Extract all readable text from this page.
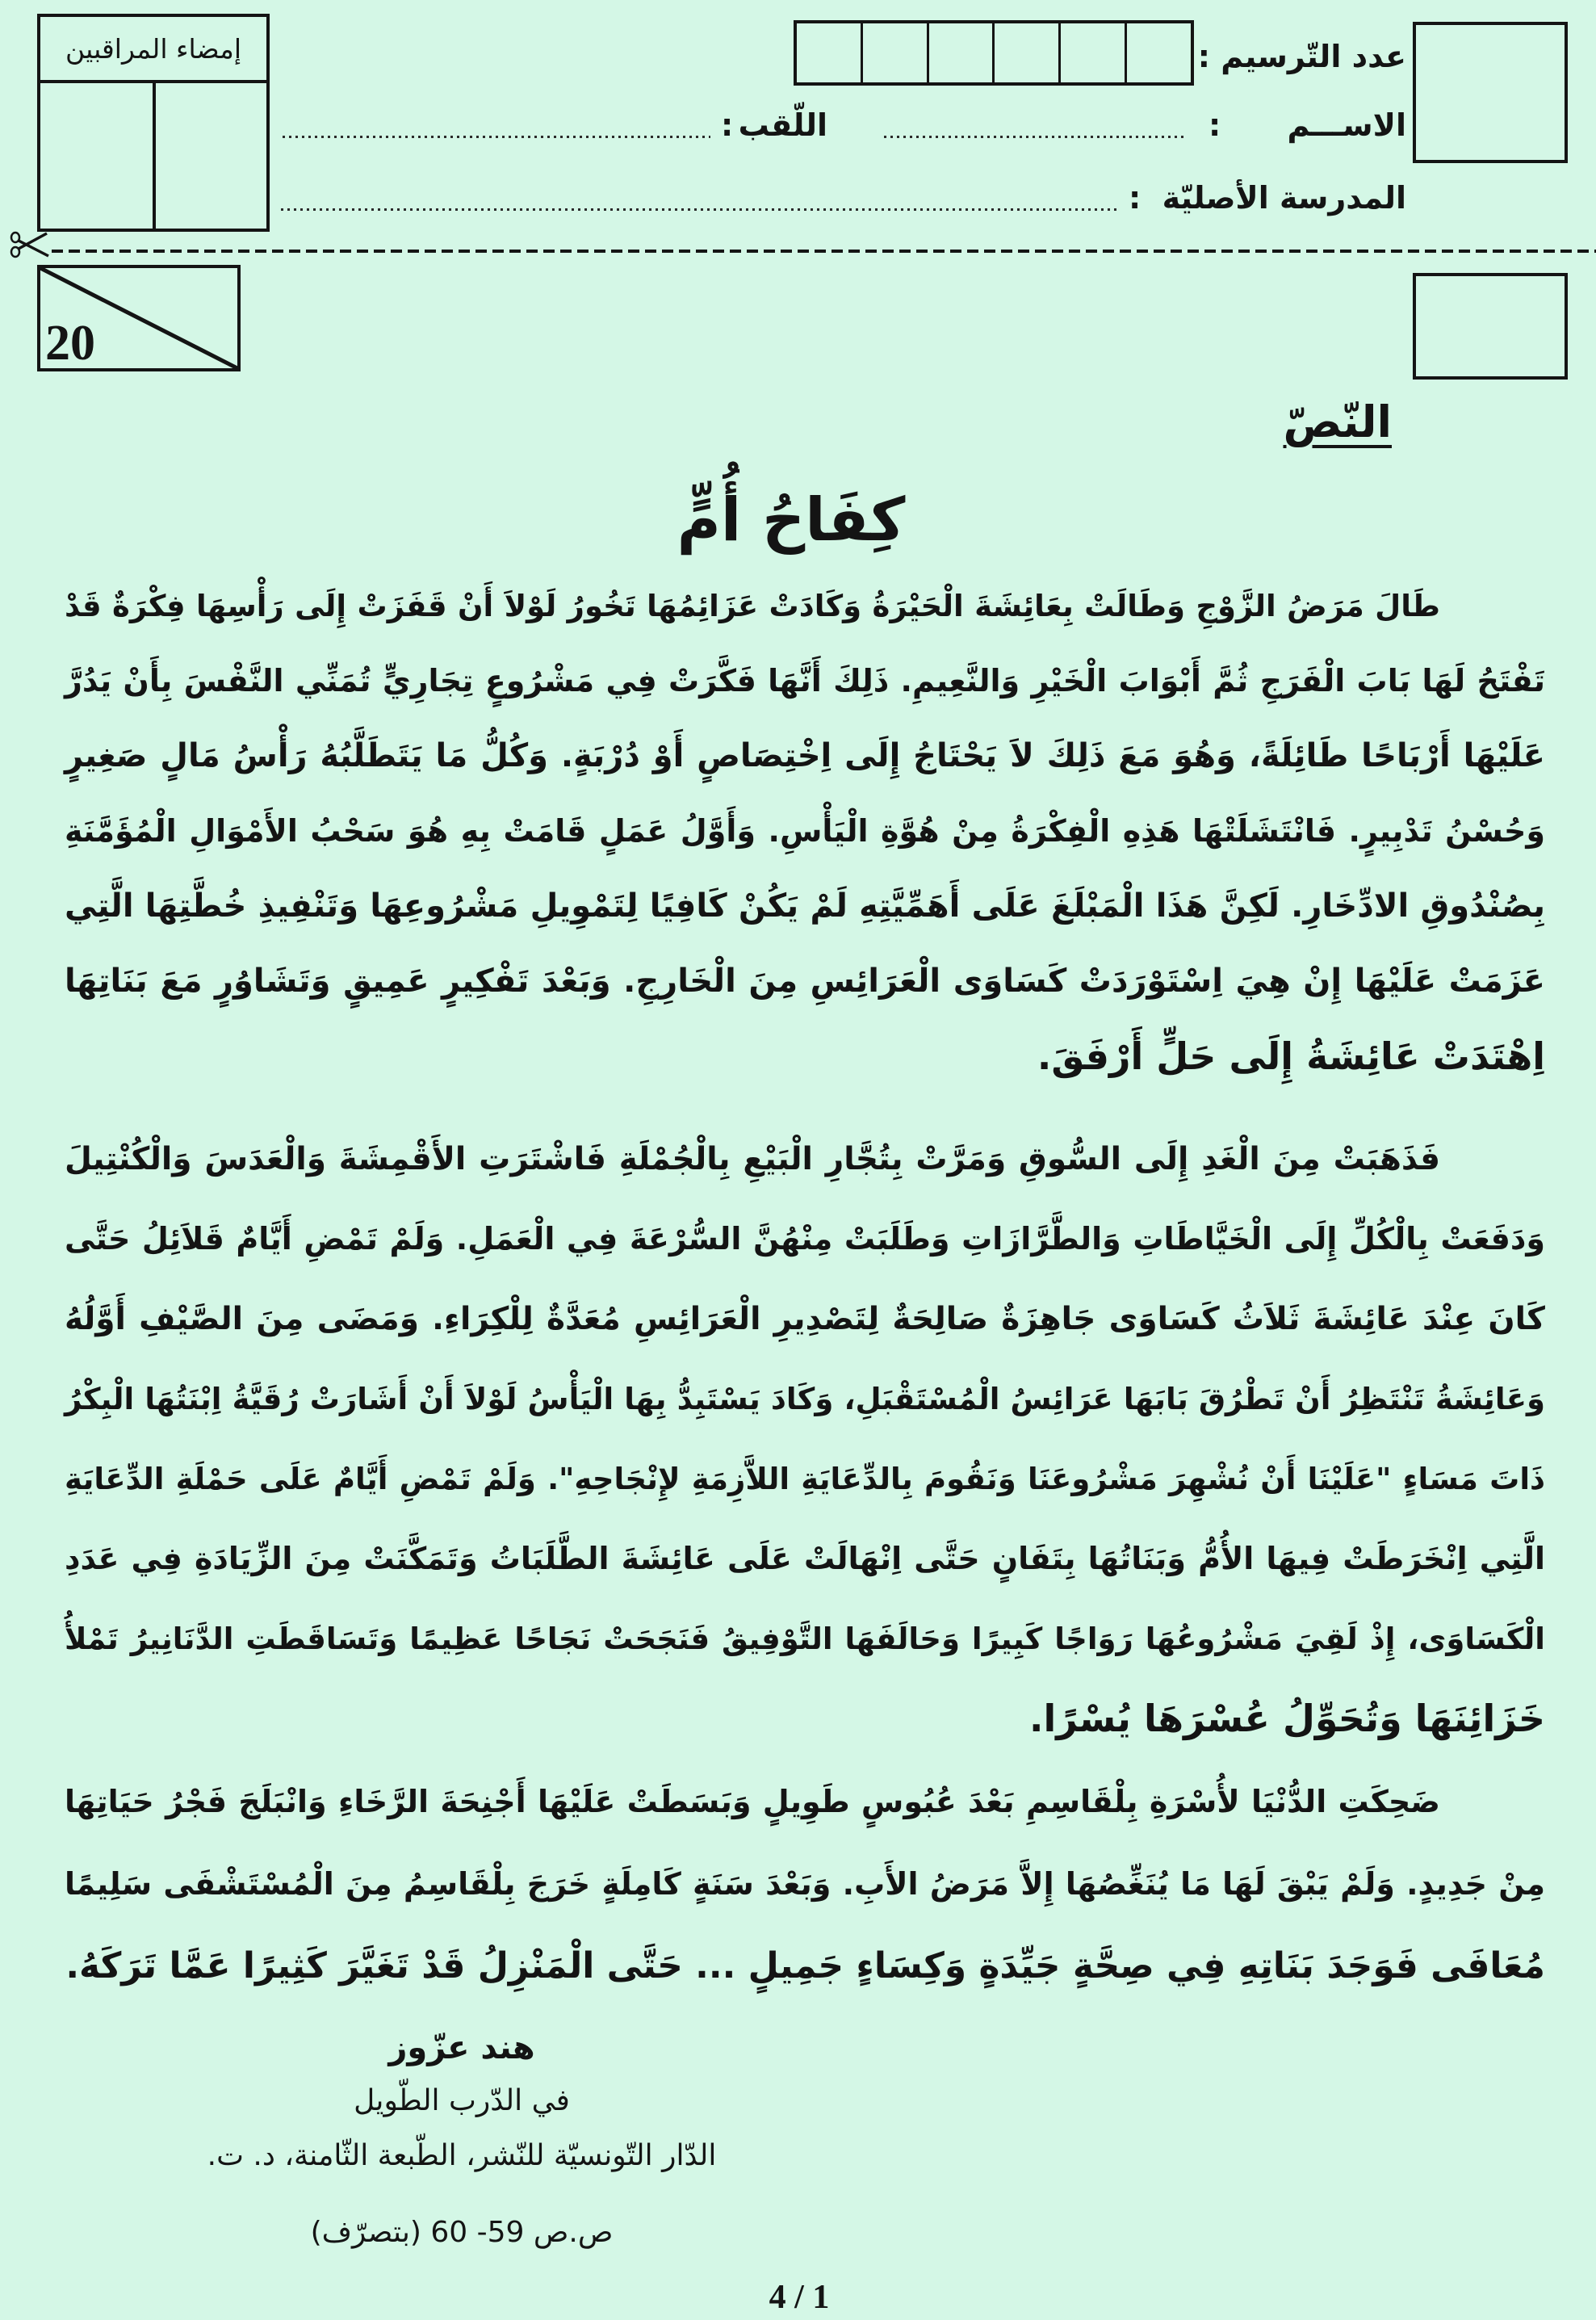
إمضاء المراقبين	عدد التّرسيم :
الاســـم
:
اللّقب
:
المدرسة الأصليّة
:
20
النّصّ
كِفَاحُ أُمٍّ
طَالَ مَرَضُ الزَّوْجِ وَطَالَتْ بِعَائِشَةَ الْحَيْرَةُ وَكَادَتْ عَزَائِمُهَا تَخُورُ لَوْلاَ أَنْ قَفَزَتْ إِلَى رَأْسِهَا فِكْرَةٌ قَدْ
تَفْتَحُ لَهَا بَابَ الْفَرَجِ ثُمَّ أَبْوَابَ الْخَيْرِ وَالنَّعِيمِ. ذَلِكَ أَنَّهَا فَكَّرَتْ فِي مَشْرُوعٍ تِجَارِيٍّ تُمَنِّي النَّفْسَ بِأَنْ يَدُرَّ
عَلَيْهَا أَرْبَاحًا طَائِلَةً، وَهُوَ مَعَ ذَلِكَ لاَ يَحْتَاجُ إِلَى اِخْتِصَاصٍ أَوْ دُرْبَةٍ. وَكُلُّ مَا يَتَطَلَّبُهُ رَأْسُ مَالٍ صَغِيرٍ
وَحُسْنُ تَدْبِيرٍ. فَانْتَشَلَتْهَا هَذِهِ الْفِكْرَةُ مِنْ هُوَّةِ الْيَأْسِ. وَأَوَّلُ عَمَلٍ قَامَتْ بِهِ هُوَ سَحْبُ الأَمْوَالِ الْمُؤَمَّنَةِ
بِصُنْدُوقِ الادِّخَارِ. لَكِنَّ هَذَا الْمَبْلَغَ عَلَى أَهَمِّيَّتِهِ لَمْ يَكُنْ كَافِيًا لِتَمْوِيلِ مَشْرُوعِهَا وَتَنْفِيذِ خُطَّتِهَا الَّتِي
عَزَمَتْ عَلَيْهَا إِنْ هِيَ اِسْتَوْرَدَتْ كَسَاوَى الْعَرَائِسِ مِنَ الْخَارِجِ. وَبَعْدَ تَفْكِيرٍ عَمِيقٍ وَتَشَاوُرٍ مَعَ بَنَاتِهَا
اِهْتَدَتْ عَائِشَةُ إِلَى حَلٍّ أَرْفَقَ.
فَذَهَبَتْ مِنَ الْغَدِ إِلَى السُّوقِ وَمَرَّتْ بِتُجَّارِ الْبَيْعِ بِالْجُمْلَةِ فَاشْتَرَتِ الأَقْمِشَةَ وَالْعَدَسَ وَالْكُنْتِيلَ
وَدَفَعَتْ بِالْكُلِّ إِلَى الْخَيَّاطَاتِ وَالطَّرَّازَاتِ وَطَلَبَتْ مِنْهُنَّ السُّرْعَةَ فِي الْعَمَلِ. وَلَمْ تَمْضِ أَيَّامٌ قَلاَئِلُ حَتَّى
كَانَ عِنْدَ عَائِشَةَ ثَلاَثُ كَسَاوَى جَاهِزَةٌ صَالِحَةٌ لِتَصْدِيرِ الْعَرَائِسِ مُعَدَّةٌ لِلْكِرَاءِ. وَمَضَى مِنَ الصَّيْفِ أَوَّلُهُ
وَعَائِشَةُ تَنْتَظِرُ أَنْ تَطْرُقَ بَابَهَا عَرَائِسُ الْمُسْتَقْبَلِ، وَكَادَ يَسْتَبِدُّ بِهَا الْيَأْسُ لَوْلاَ أَنْ أَشَارَتْ رُقَيَّةُ اِبْنَتُهَا الْبِكْرُ
ذَاتَ مَسَاءٍ "عَلَيْنَا أَنْ نُشْهِرَ مَشْرُوعَنَا وَنَقُومَ بِالدِّعَايَةِ اللاَّزِمَةِ لإِنْجَاحِهِ". وَلَمْ تَمْضِ أَيَّامٌ عَلَى حَمْلَةِ الدِّعَايَةِ
الَّتِي اِنْخَرَطَتْ فِيهَا الأُمُّ وَبَنَاتُهَا بِتَفَانٍ حَتَّى اِنْهَالَتْ عَلَى عَائِشَةَ الطَّلَبَاتُ وَتَمَكَّنَتْ مِنَ الزِّيَادَةِ فِي عَدَدِ
الْكَسَاوَى، إِذْ لَقِيَ مَشْرُوعُهَا رَوَاجًا كَبِيرًا وَحَالَفَهَا التَّوْفِيقُ فَنَجَحَتْ نَجَاحًا عَظِيمًا وَتَسَاقَطَتِ الدَّنَانِيرُ تَمْلأُ
خَزَائِنَهَا وَتُحَوِّلُ عُسْرَهَا يُسْرًا.
ضَحِكَتِ الدُّنْيَا لأُسْرَةِ بِلْقَاسِمِ بَعْدَ عُبُوسٍ طَوِيلٍ وَبَسَطَتْ عَلَيْهَا أَجْنِحَةَ الرَّخَاءِ وَانْبَلَجَ فَجْرُ حَيَاتِهَا
مِنْ جَدِيدٍ. وَلَمْ يَبْقَ لَهَا مَا يُنَغِّصُهَا إِلاَّ مَرَضُ الأَبِ. وَبَعْدَ سَنَةٍ كَامِلَةٍ خَرَجَ بِلْقَاسِمُ مِنَ الْمُسْتَشْفَى سَلِيمًا
مُعَافَى فَوَجَدَ بَنَاتِهِ فِي صِحَّةٍ جَيِّدَةٍ وَكِسَاءٍ جَمِيلٍ ... حَتَّى الْمَنْزِلُ قَدْ تَغَيَّرَ كَثِيرًا عَمَّا تَرَكَهُ.
هند عزّوز
في الدّرب الطّويل
الدّار التّونسيّة للنّشر، الطّبعة الثّامنة، د. ت.
ص.ص 59- 60 (بتصرّف)
4 / 1
